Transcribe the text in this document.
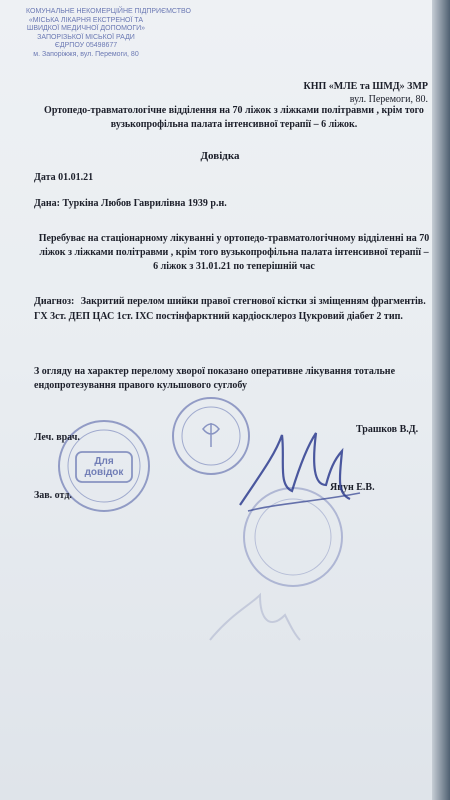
КОМУНАЛЬНЕ НЕКОМЕРЦІЙНЕ ПІДПРИЄМСТВО
«МІСЬКА ЛІКАРНЯ ЕКСТРЕНОЇ ТА
ШВИДКОЇ МЕДИЧНОЇ ДОПОМОГИ»
ЗАПОРІЗЬКОЇ МІСЬКОЇ РАДИ
ЄДРПОУ 05498677
м. Запоріжжя, вул. Перемоги, 80
КНП «МЛЕ та ШМД» ЗМР
вул. Перемоги, 80.
Ортопедо-травматологічне відділення на 70 ліжок з ліжками політравми , крім того вузькопрофільна палата інтенсивної терапії – 6 ліжок.
Довідка
Дата 01.01.21
Дана: Туркіна Любов Гаврилівна 1939 р.н.
Перебуває на стаціонарному лікуванні у ортопедо-травматологічному відділенні на 70 ліжок з ліжками політравми , крім того вузькопрофільна палата інтенсивної терапії – 6 ліжок з 31.01.21 по теперішній час
Диагноз: Закритий перелом шийки правої стегнової кістки зі зміщенням фрагментів. ГХ 3ст. ДЕП ЦАС 1ст. ІХС постінфарктний кардіосклероз Цукровий діабет 2 тип.
З огляду на характер перелому хворої показано оперативне лікування тотальне ендопротезування правого кульшового суглобу
Для
довідок
Леч. врач.
Трашков В.Д.
Зав. отд.
Яцун Е.В.
